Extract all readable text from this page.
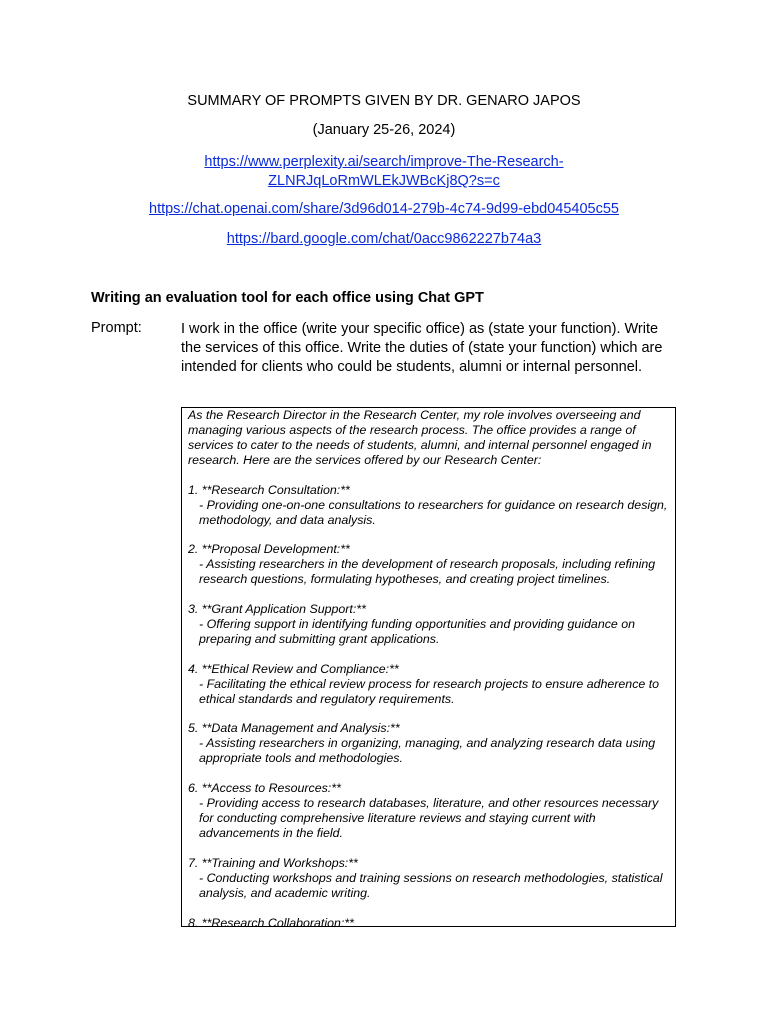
SUMMARY OF PROMPTS GIVEN BY DR. GENARO JAPOS
(January 25-26, 2024)
https://www.perplexity.ai/search/improve-The-Research-
ZLNRJqLoRmWLEkJWBcKj8Q?s=c
https://chat.openai.com/share/3d96d014-279b-4c74-9d99-ebd045405c55
https://bard.google.com/chat/0acc9862227b74a3
Writing an evaluation tool for each office using Chat GPT
Prompt:	I work in the office (write your specific office) as (state your function). Write the services of this office. Write the duties of (state your function) which are intended for clients who could be students, alumni or internal personnel.

As the Research Director in the Research Center, my role involves overseeing and managing various aspects of the research process. The office provides a range of services to cater to the needs of students, alumni, and internal personnel engaged in research. Here are the services offered by our Research Center:

1. **Research Consultation:**
- Providing one-on-one consultations to researchers for guidance on research design, methodology, and data analysis.

2. **Proposal Development:**
- Assisting researchers in the development of research proposals, including refining research questions, formulating hypotheses, and creating project timelines.

3. **Grant Application Support:**
- Offering support in identifying funding opportunities and providing guidance on preparing and submitting grant applications.

4. **Ethical Review and Compliance:**
- Facilitating the ethical review process for research projects to ensure adherence to ethical standards and regulatory requirements.

5. **Data Management and Analysis:**
- Assisting researchers in organizing, managing, and analyzing research data using appropriate tools and methodologies.

6. **Access to Resources:**
- Providing access to research databases, literature, and other resources necessary for conducting comprehensive literature reviews and staying current with advancements in the field.

7. **Training and Workshops:**
- Conducting workshops and training sessions on research methodologies, statistical analysis, and academic writing.

8. **Research Collaboration:**
